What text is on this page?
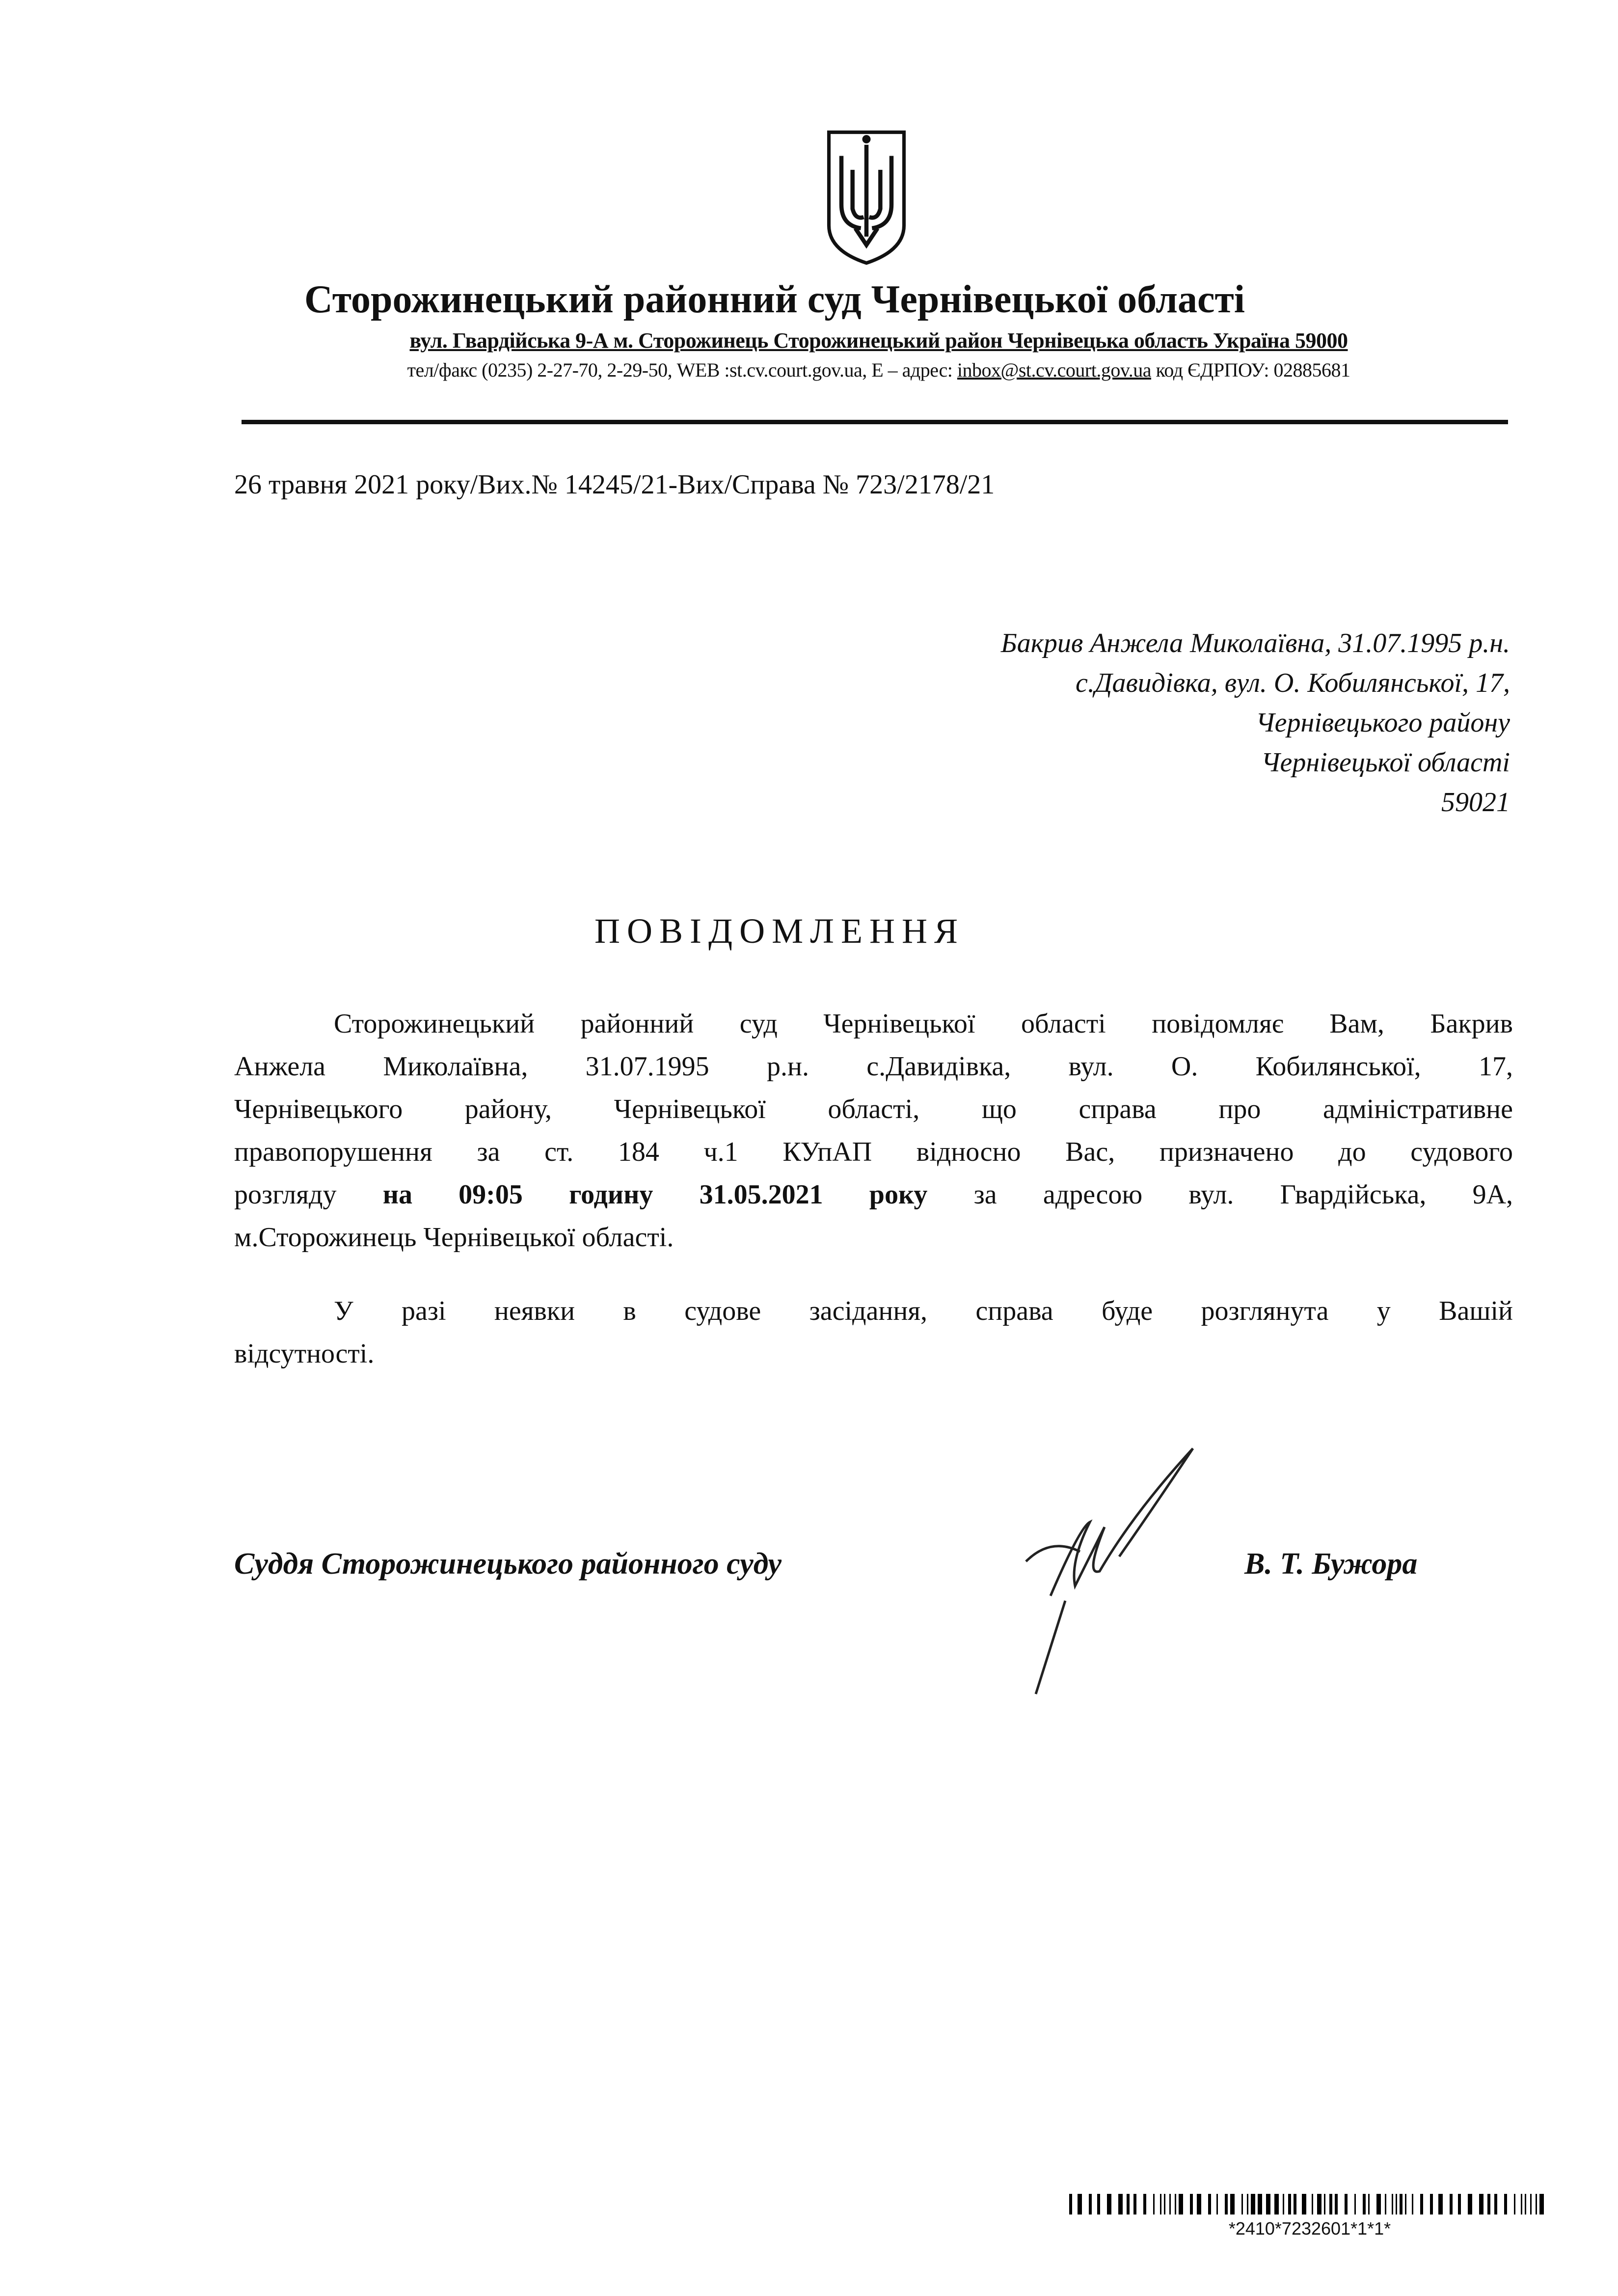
Сторожинецький районний суд Чернівецької області
вул. Гвардійська 9-А м. Сторожинець Сторожинецький район Чернівецька область Україна 59000
тел/факс (0235) 2-27-70, 2-29-50, WEB :st.cv.court.gov.ua, Е – адрес: inbox@st.cv.court.gov.ua код ЄДРПОУ: 02885681
26 травня 2021 року/Вих.№ 14245/21-Вих/Справа № 723/2178/21
Бакрив Анжела Миколаївна, 31.07.1995 р.н.
с.Давидівка, вул. О. Кобилянської, 17,
Чернівецького району
Чернівецької області
59021
ПОВІДОМЛЕННЯ
Сторожинецький районний суд Чернівецької області повідомляє Вам, Бакрив
Анжела Миколаївна, 31.07.1995 р.н. с.Давидівка, вул. О. Кобилянської, 17,
Чернівецького району, Чернівецької області, що справа про адміністративне
правопорушення за ст. 184 ч.1 КУпАП відносно Вас, призначено до судового
розгляду на 09:05 годину 31.05.2021 року за адресою вул. Гвардійська, 9А,
м.Сторожинець Чернівецької області.
У разі неявки в судове засідання, справа буде розглянута у Вашій
відсутності.
Суддя Сторожинецького районного суду	В. Т. Бужора
*2410*7232601*1*1*
